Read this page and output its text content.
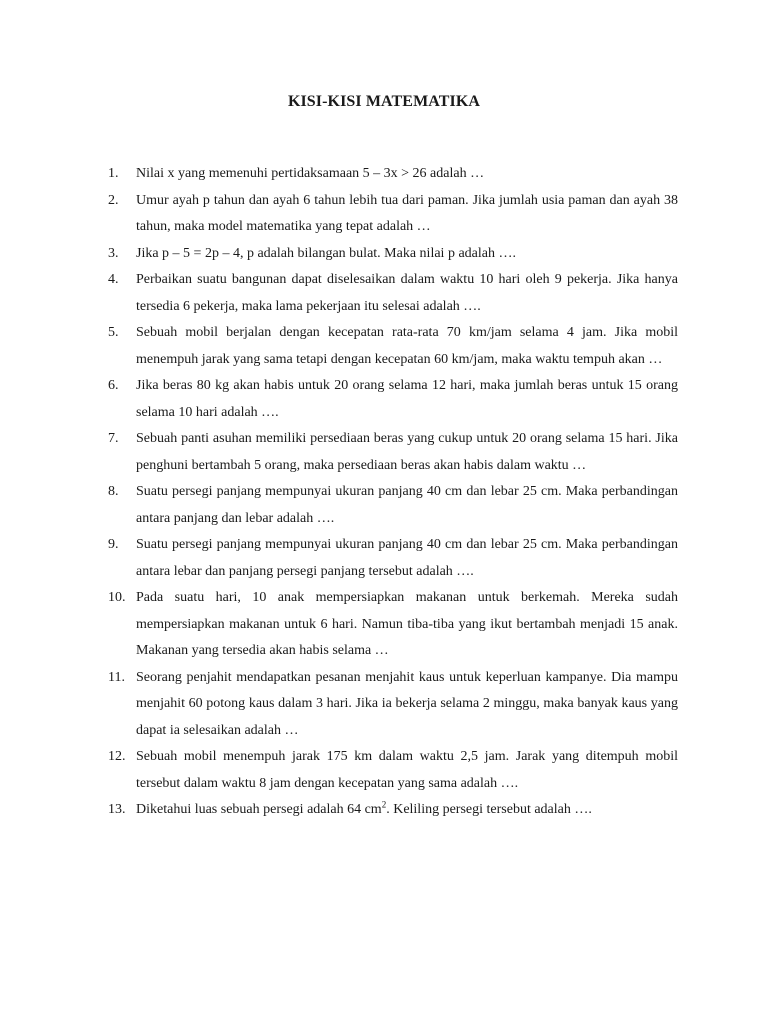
KISI-KISI MATEMATIKA
1.	Nilai x yang memenuhi pertidaksamaan 5 – 3x > 26 adalah …
2.	Umur ayah p tahun dan ayah 6 tahun lebih tua dari paman. Jika jumlah usia paman dan ayah 38 tahun, maka model matematika yang tepat adalah …
3.	Jika p – 5 = 2p – 4, p adalah bilangan bulat. Maka nilai p adalah ….
4.	Perbaikan suatu bangunan dapat diselesaikan dalam waktu 10 hari oleh 9 pekerja. Jika hanya tersedia 6 pekerja, maka lama pekerjaan itu selesai adalah ….
5.	Sebuah mobil berjalan dengan kecepatan rata-rata 70 km/jam selama 4 jam. Jika mobil menempuh jarak yang sama tetapi dengan kecepatan 60 km/jam, maka waktu tempuh akan …
6.	Jika beras 80 kg akan habis untuk 20 orang selama 12 hari, maka jumlah beras untuk 15 orang selama 10 hari adalah ….
7.	Sebuah panti asuhan memiliki persediaan beras yang cukup untuk 20 orang selama 15 hari. Jika penghuni bertambah 5 orang, maka persediaan beras akan habis dalam waktu …
8.	Suatu persegi panjang mempunyai ukuran panjang 40 cm dan lebar 25 cm. Maka perbandingan antara panjang dan lebar adalah ….
9.	Suatu persegi panjang mempunyai ukuran panjang 40 cm dan lebar 25 cm. Maka perbandingan antara lebar dan panjang persegi panjang tersebut adalah ….
10. Pada suatu hari, 10 anak mempersiapkan makanan untuk berkemah. Mereka sudah mempersiapkan makanan untuk 6 hari. Namun tiba-tiba yang ikut bertambah menjadi 15 anak. Makanan yang tersedia akan habis selama …
11. Seorang penjahit mendapatkan pesanan menjahit kaus untuk keperluan kampanye. Dia mampu menjahit 60 potong kaus dalam 3 hari. Jika ia bekerja selama 2 minggu, maka banyak kaus yang dapat ia selesaikan adalah …
12. Sebuah mobil menempuh jarak 175 km dalam waktu 2,5 jam. Jarak yang ditempuh mobil tersebut dalam waktu 8 jam dengan kecepatan yang sama adalah ….
13. Diketahui luas sebuah persegi adalah 64 $cm^2$. Keliling persegi tersebut adalah ….
